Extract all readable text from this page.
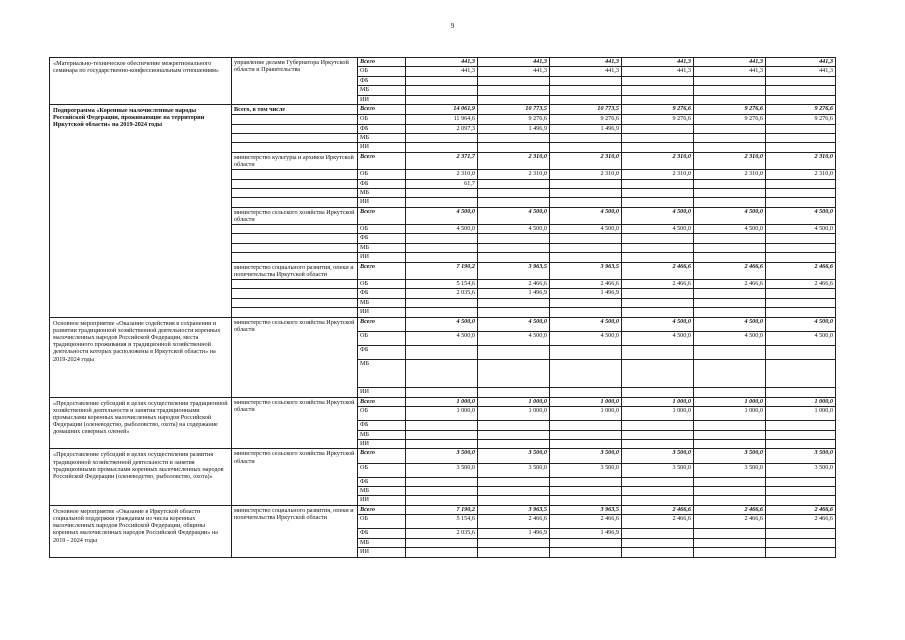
9
«Материально-техническое обеспечение межрегионального семинара по государственно-конфессиональным отношениям»	управление делами Губернатора Иркутской области и Правительства	Всего	441,3	441,3	441,3	441,3	441,3	441,3
		ОБ	441,3	441,3	441,3	441,3	441,3	441,3
		ФБ						
		МБ						
		ИИ						
Подпрограмма «Коренные малочисленные народы Российской Федерации, проживающие на территории Иркутской области» на 2019-2024 годы	Всего, в том числе	Всего	14 061,9	10 773,5	10 773,5	9 276,6	9 276,6	9 276,6
		ОБ	11 964,6	9 276,6	9 276,6	9 276,6	9 276,6	9 276,6
		ФБ	2 097,3	1 496,9	1 496,9			
		МБ						
		ИИ						
	министерство культуры и архивов Иркутской области	Всего	2 371,7	2 310,0	2 310,0	2 310,0	2 310,0	2 310,0
		ОБ	2 310,0	2 310,0	2 310,0	2 310,0	2 310,0	2 310,0
		ФБ	61,7					
		МБ						
		ИИ						
	министерство сельского хозяйства Иркутской области	Всего	4 500,0	4 500,0	4 500,0	4 500,0	4 500,0	4 500,0
		ОБ	4 500,0	4 500,0	4 500,0	4 500,0	4 500,0	4 500,0
		ФБ						
		МБ						
		ИИ						
	министерство социального развития, опеки и попечительства Иркутской области	Всего	7 190,2	3 963,5	3 963,5	2 466,6	2 466,6	2 466,6
		ОБ	5 154,6	2 466,6	2 466,6	2 466,6	2 466,6	2 466,6
		ФБ	2 035,6	1 496,9	1 496,9			
		МБ						
		ИИ						
Основное мероприятие «Оказание содействия в сохранении и развитии традиционной хозяйственной деятельности коренных малочисленных народов Российской Федерации, места традиционного проживания и традиционной хозяйственной деятельности которых расположены в Иркутской области» на 2019-2024 годы	министерство сельского хозяйства Иркутской области	Всего	4 500,0	4 500,0	4 500,0	4 500,0	4 500,0	4 500,0
		ОБ	4 500,0	4 500,0	4 500,0	4 500,0	4 500,0	4 500,0
		ФБ						
		МБ						
		ИИ						
«Предоставление субсидий в целях осуществления традиционной хозяйственной деятельности и занятия традиционными промыслами коренных малочисленных народов Российской Федерации (оленеводство, рыболовство, охота) на содержание домашних северных оленей»	министерство сельского хозяйства Иркутской области	Всего	1 000,0	1 000,0	1 000,0	1 000,0	1 000,0	1 000,0
		ОБ	1 000,0	1 000,0	1 000,0	1 000,0	1 000,0	1 000,0
		ФБ						
		МБ						
		ИИ						
«Предоставление субсидий в целях осуществления развития традиционной хозяйственной деятельности и занятия традиционными промыслами коренных малочисленных народов Российской Федерации (оленеводство, рыболовство, охота)»	министерство сельского хозяйства Иркутской области	Всего	3 500,0	3 500,0	3 500,0	3 500,0	3 500,0	3 500,0
		ОБ	3 500,0	3 500,0	3 500,0	3 500,0	3 500,0	3 500,0
		ФБ						
		МБ						
		ИИ						
Основное мероприятие «Оказание в Иркутской области социальной поддержки гражданам из числа коренных малочисленных народов Российской Федерации, общины коренных малочисленных народов Российской Федерации» на 2019 - 2024 годы	министерство социального развития, опеки и попечительства Иркутской области	Всего	7 190,2	3 963,5	3 963,5	2 466,6	2 466,6	2 466,6
		ОБ	5 154,6	2 466,6	2 466,6	2 466,6	2 466,6	2 466,6
		ФБ	2 035,6	1 496,9	1 496,9			
		МБ						
		ИИ						
